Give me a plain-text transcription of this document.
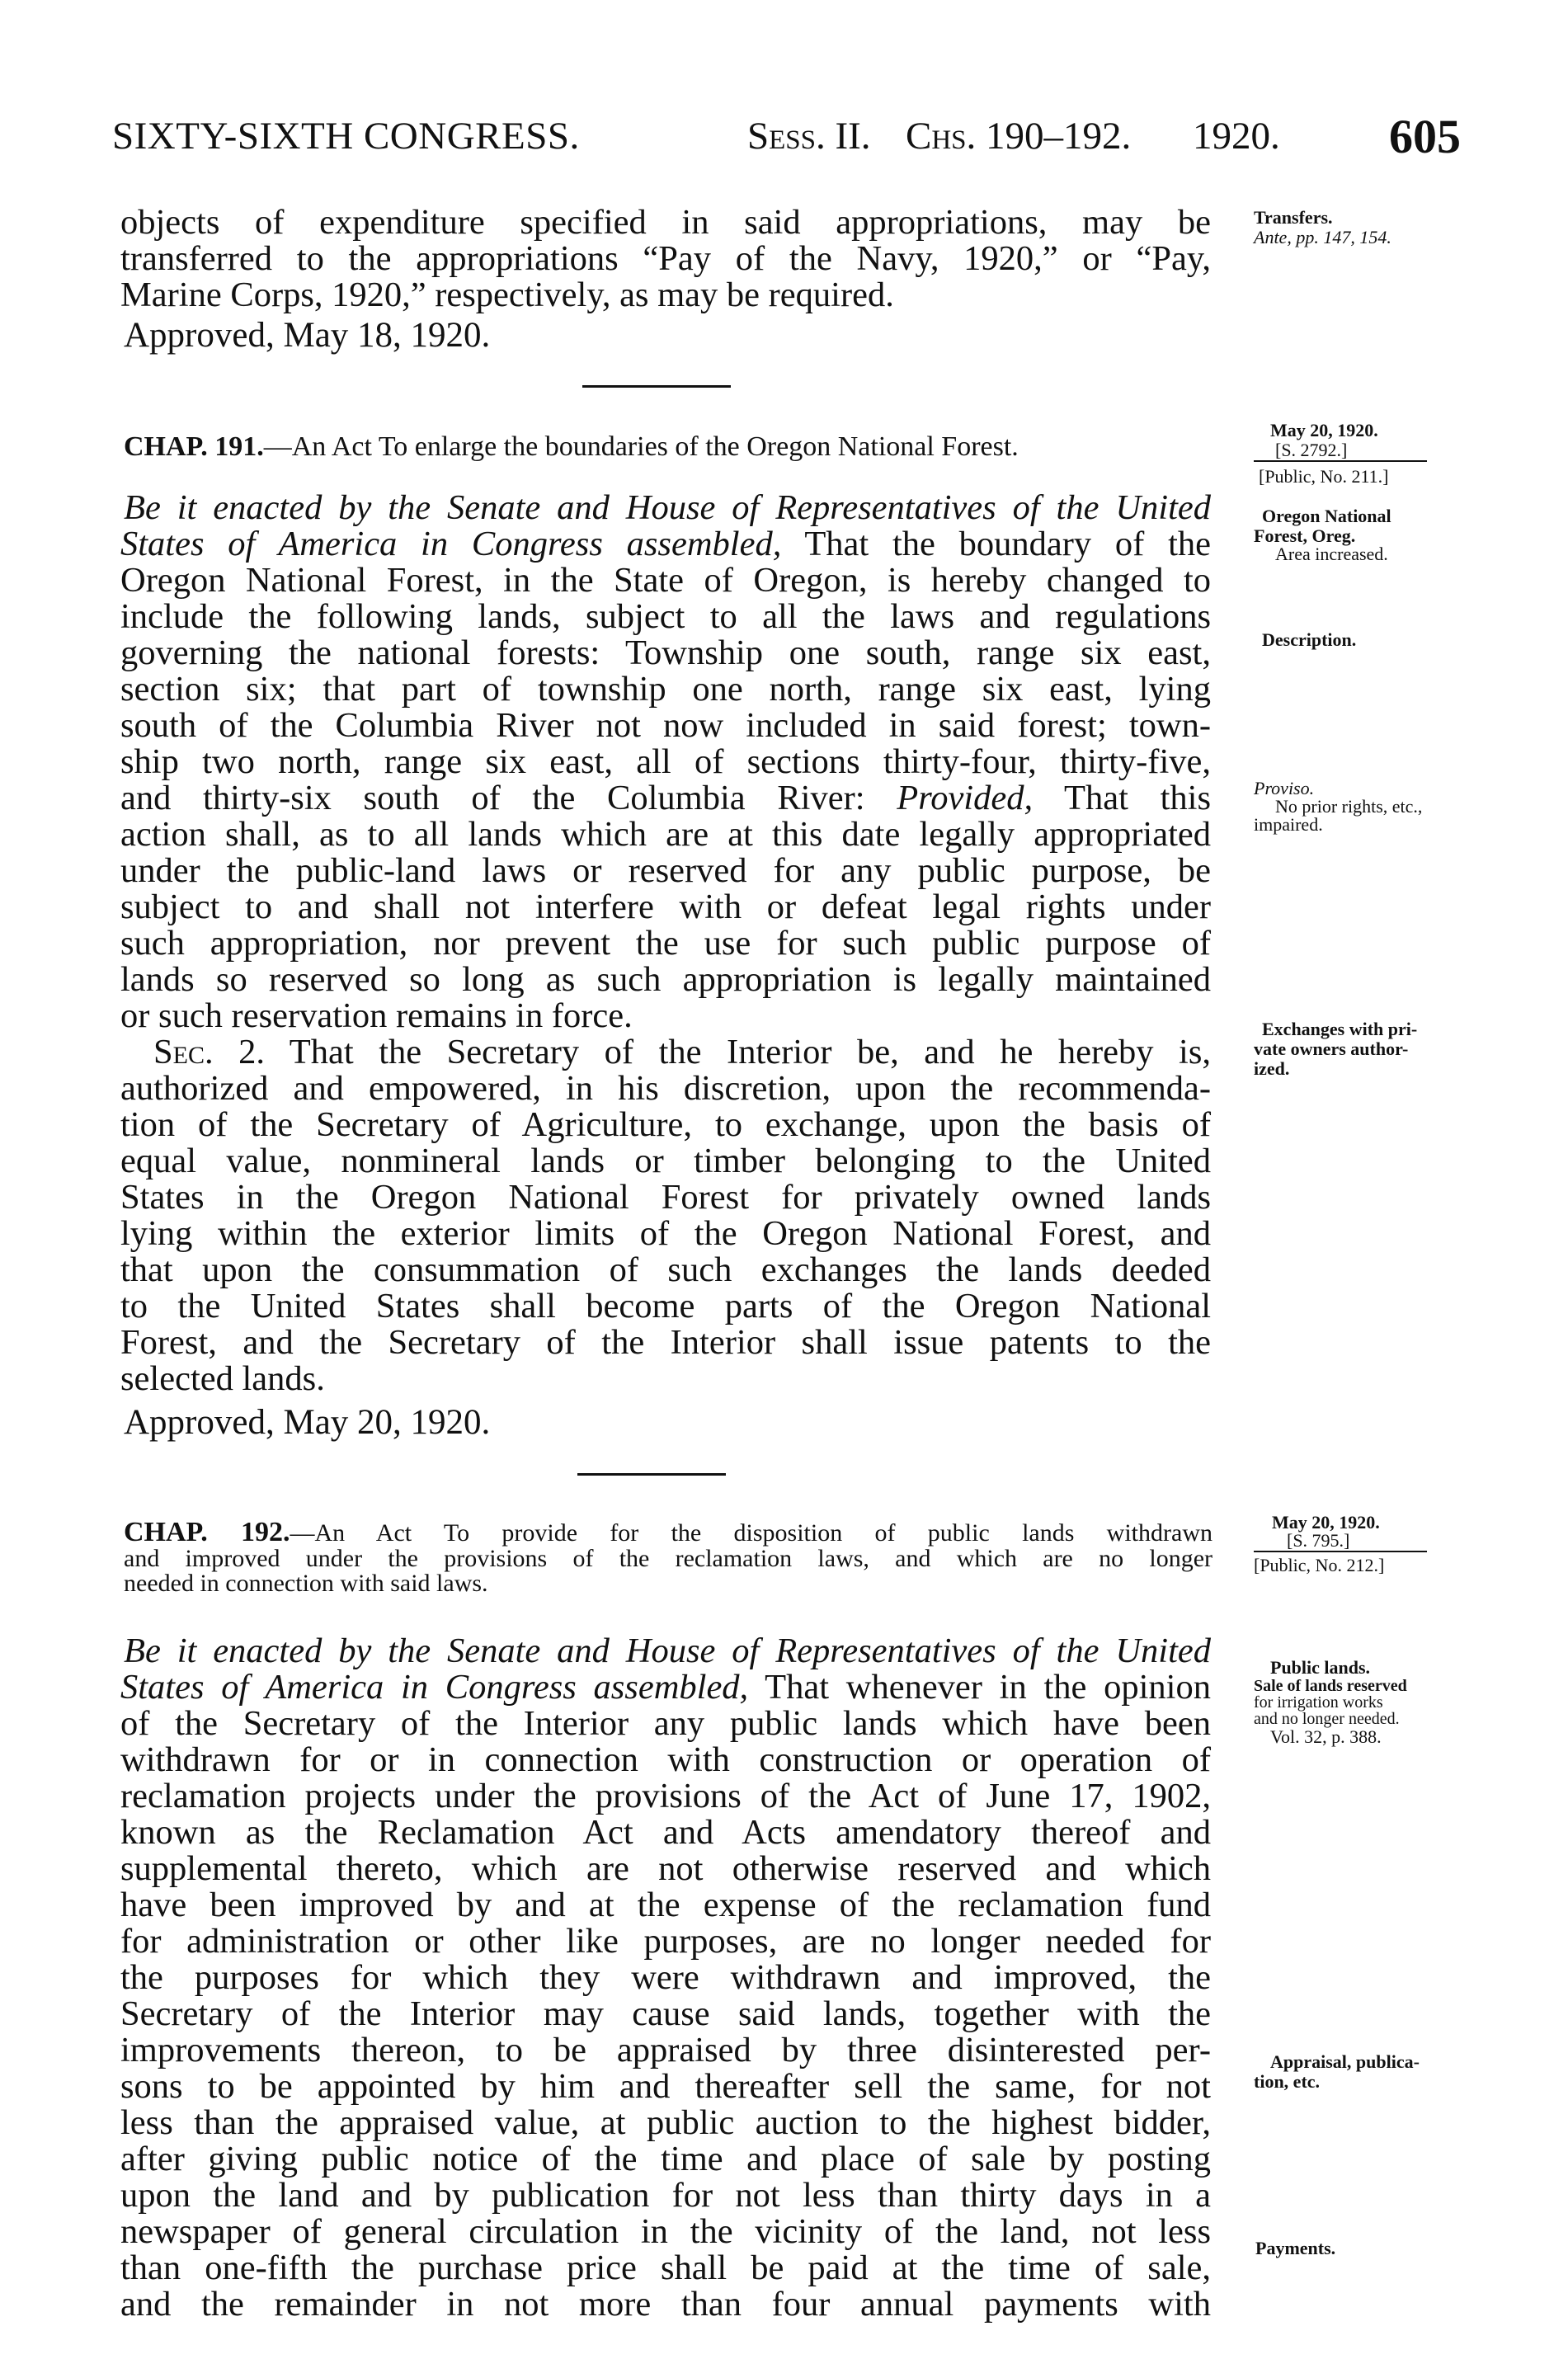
SIXTY-SIXTH CONGRESS.	Sess. II. Chs. 190–192. 1920. 605
objects of expenditure specified in said appropriations, may be
transferred to the appropriations “Pay of the Navy, 1920,” or “Pay,
Marine Corps, 1920,” respectively, as may be required.
Approved, May 18, 1920.
Transfers.
Ante, pp. 147, 154.
CHAP. 191.—An Act To enlarge the boundaries of the Oregon National Forest.
May 20, 1920.
[S. 2792.]
[Public, No. 211.]
Be it enacted by the Senate and House of Representatives of the United
States of America in Congress assembled, That the boundary of the
Oregon National Forest, in the State of Oregon, is hereby changed to
include the following lands, subject to all the laws and regulations
governing the national forests: Township one south, range six east,
section six; that part of township one north, range six east, lying
south of the Columbia River not now included in said forest; town-
ship two north, range six east, all of sections thirty-four, thirty-five,
and thirty-six south of the Columbia River: Provided, That this
action shall, as to all lands which are at this date legally appropriated
under the public-land laws or reserved for any public purpose, be
subject to and shall not interfere with or defeat legal rights under
such appropriation, nor prevent the use for such public purpose of
lands so reserved so long as such appropriation is legally maintained
or such reservation remains in force.
Sec. 2. That the Secretary of the Interior be, and he hereby is,
authorized and empowered, in his discretion, upon the recommenda-
tion of the Secretary of Agriculture, to exchange, upon the basis of
equal value, nonmineral lands or timber belonging to the United
States in the Oregon National Forest for privately owned lands
lying within the exterior limits of the Oregon National Forest, and
that upon the consummation of such exchanges the lands deeded
to the United States shall become parts of the Oregon National
Forest, and the Secretary of the Interior shall issue patents to the
selected lands.
Approved, May 20, 1920.
Oregon National
Forest, Oreg.
Area increased.
Description.
Proviso.
No prior rights, etc.,
impaired.
Exchanges with pri-
vate owners author-
ized.
CHAP. 192.—An Act To provide for the disposition of public lands withdrawn
and improved under the provisions of the reclamation laws, and which are no longer
needed in connection with said laws.
May 20, 1920.
[S. 795.]
[Public, No. 212.]
Be it enacted by the Senate and House of Representatives of the United
States of America in Congress assembled, That whenever in the opinion
of the Secretary of the Interior any public lands which have been
withdrawn for or in connection with construction or operation of
reclamation projects under the provisions of the Act of June 17, 1902,
known as the Reclamation Act and Acts amendatory thereof and
supplemental thereto, which are not otherwise reserved and which
have been improved by and at the expense of the reclamation fund
for administration or other like purposes, are no longer needed for
the purposes for which they were withdrawn and improved, the
Secretary of the Interior may cause said lands, together with the
improvements thereon, to be appraised by three disinterested per-
sons to be appointed by him and thereafter sell the same, for not
less than the appraised value, at public auction to the highest bidder,
after giving public notice of the time and place of sale by posting
upon the land and by publication for not less than thirty days in a
newspaper of general circulation in the vicinity of the land, not less
than one-fifth the purchase price shall be paid at the time of sale,
and the remainder in not more than four annual payments with
Public lands.
Sale of lands reserved
for irrigation works
and no longer needed.
Vol. 32, p. 388.
Appraisal, publica-
tion, etc.
Payments.
